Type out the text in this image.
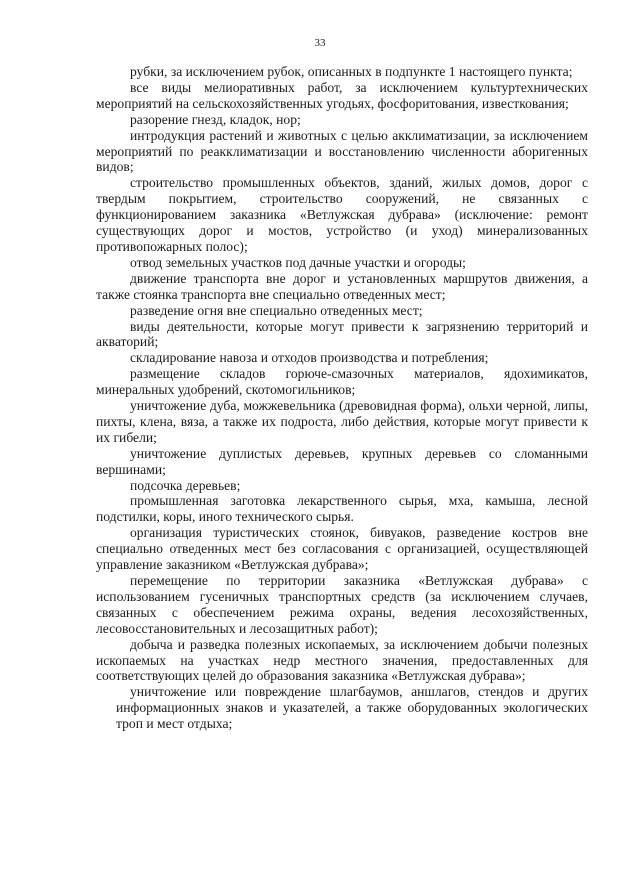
33

рубки, за исключением рубок, описанных в подпункте 1 настоящего пункта;

все виды мелиоративных работ, за исключением культуртехнических мероприятий на сельскохозяйственных угодьях, фосфоритования, известкования;

разорение гнезд, кладок, нор;

интродукция растений и животных с целью акклиматизации, за исключением мероприятий по реакклиматизации и восстановлению численности аборигенных видов;

строительство промышленных объектов, зданий, жилых домов, дорог с твердым покрытием, строительство сооружений, не связанных с функционированием заказника «Ветлужская дубрава» (исключение: ремонт существующих дорог и мостов, устройство (и уход) минерализованных противопожарных полос);

отвод земельных участков под дачные участки и огороды;

движение транспорта вне дорог и установленных маршрутов движения, а также стоянка транспорта вне специально отведенных мест;

разведение огня вне специально отведенных мест;

виды деятельности, которые могут привести к загрязнению территорий и акваторий;

складирование навоза и отходов производства и потребления;

размещение складов горюче-смазочных материалов, ядохимикатов, минеральных удобрений, скотомогильников;

уничтожение дуба, можжевельника (древовидная форма), ольхи черной, липы, пихты, клена, вяза, а также их подроста, либо действия, которые могут привести к их гибели;

уничтожение дуплистых деревьев, крупных деревьев со сломанными вершинами;

подсочка деревьев;

промышленная заготовка лекарственного сырья, мха, камыша, лесной подстилки, коры, иного технического сырья.

организация туристических стоянок, бивуаков, разведение костров вне специально отведенных мест без согласования с организацией, осуществляющей управление заказником «Ветлужская дубрава»;

перемещение по территории заказника «Ветлужская дубрава» с использованием гусеничных транспортных средств (за исключением случаев, связанных с обеспечением режима охраны, ведения лесохозяйственных, лесовосстановительных и лесозащитных работ);

добыча и разведка полезных ископаемых, за исключением добычи полезных ископаемых на участках недр местного значения, предоставленных для соответствующих целей до образования заказника «Ветлужская дубрава»;

уничтожение или повреждение шлагбаумов, аншлагов, стендов и других информационных знаков и указателей, а также оборудованных экологических троп и мест отдыха;
